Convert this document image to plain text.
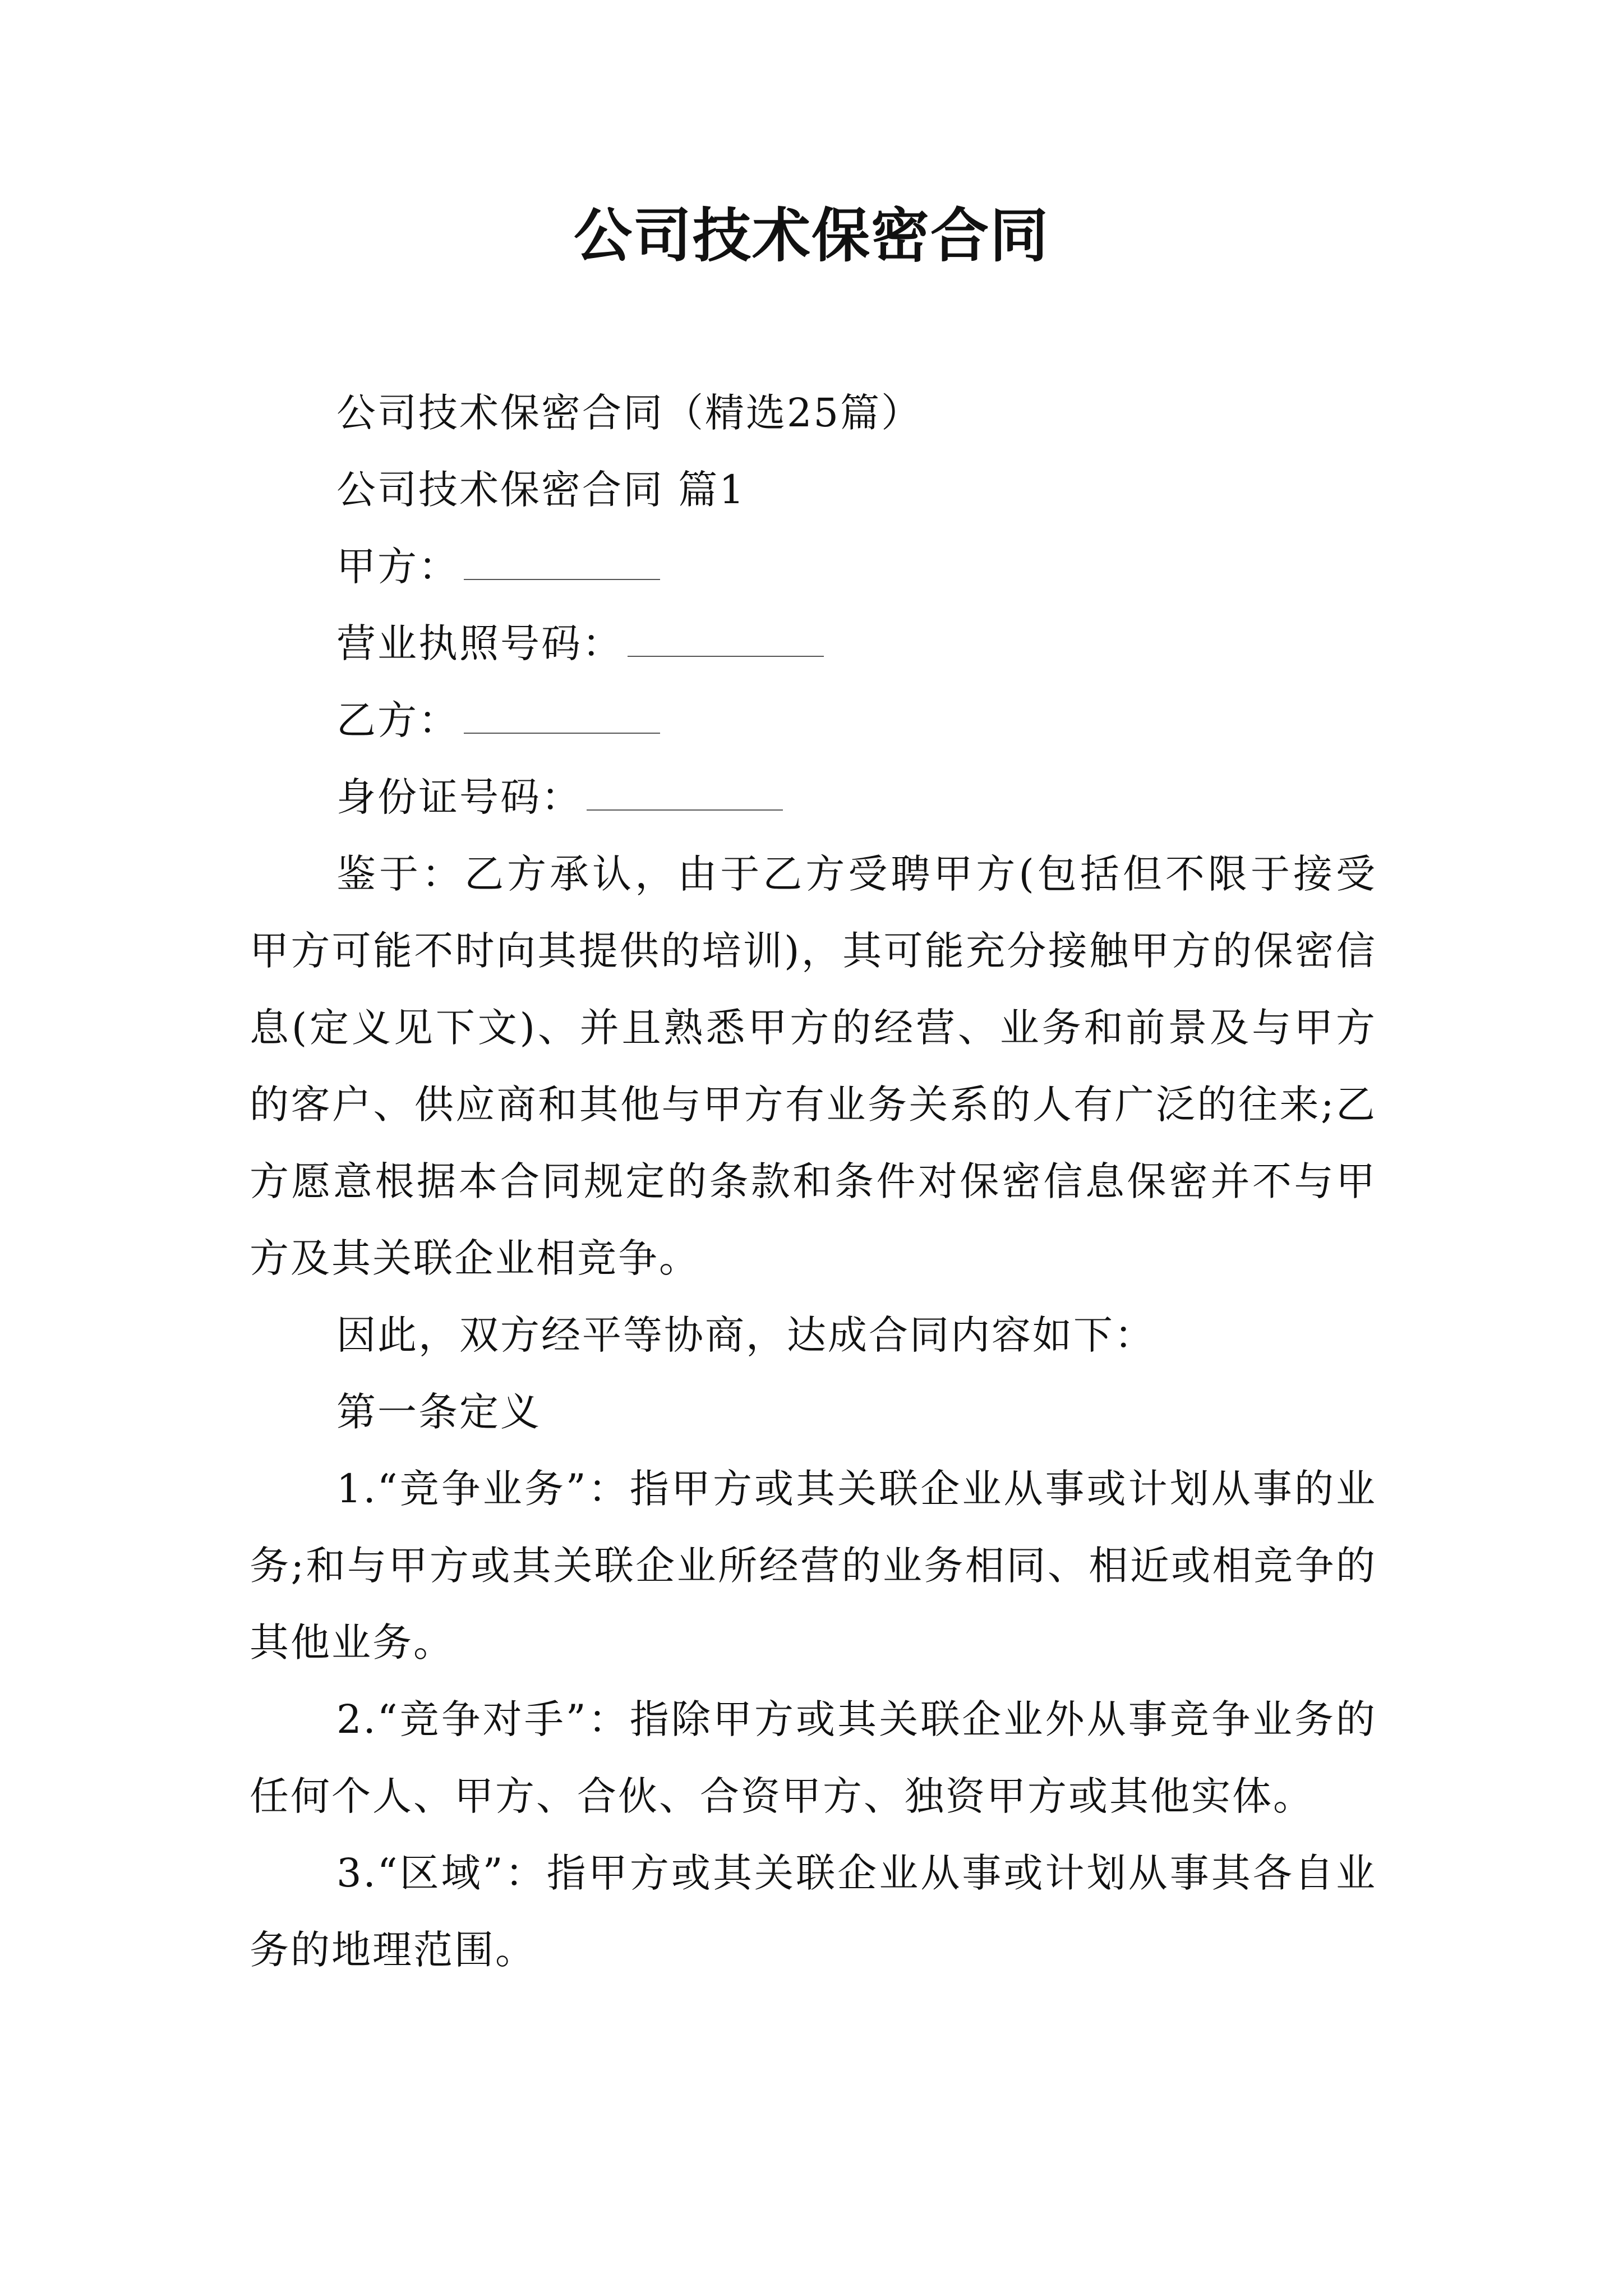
公司技术保密合同

公司技术保密合同（精选25篇）

公司技术保密合同 篇1

甲方：

营业执照号码：

乙方：

身份证号码：

鉴于：乙方承认，由于乙方受聘甲方(包括但不限于接受甲方可能不时向其提供的培训)，其可能充分接触甲方的保密信息(定义见下文)、并且熟悉甲方的经营、业务和前景及与甲方的客户、供应商和其他与甲方有业务关系的人有广泛的往来;乙方愿意根据本合同规定的条款和条件对保密信息保密并不与甲方及其关联企业相竞争。

因此，双方经平等协商，达成合同内容如下：

第一条定义

1.“竞争业务”：指甲方或其关联企业从事或计划从事的业务;和与甲方或其关联企业所经营的业务相同、相近或相竞争的其他业务。

2.“竞争对手”：指除甲方或其关联企业外从事竞争业务的任何个人、甲方、合伙、合资甲方、独资甲方或其他实体。

3.“区域”：指甲方或其关联企业从事或计划从事其各自业务的地理范围。
